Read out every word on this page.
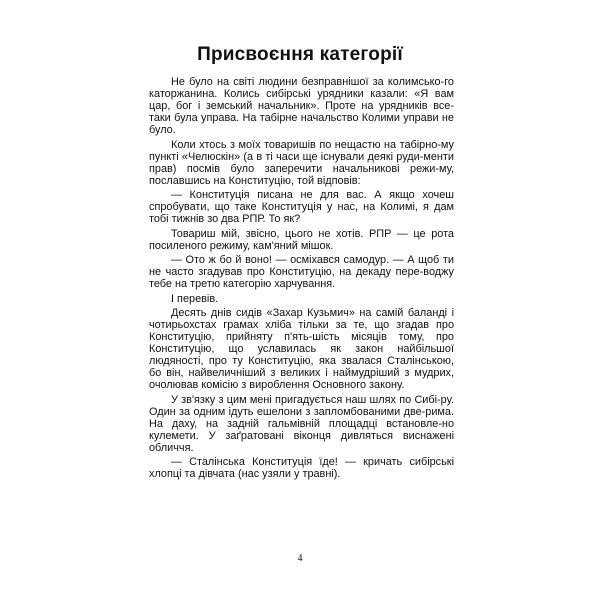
Присвоєння категорії

Не було на світі людини безправнішої за колимсько-го каторжанина. Колись сибірські урядники казали: «Я вам цар, бог і земський начальник». Проте на урядників все-таки була управа. На табірне начальство Колими управи не було.

Коли хтось з моїх товаришів по нещастю на табірно-му пункті «Челюскін» (а в ті часи ще існували деякі руди-менти прав) посмів було заперечити начальникові режи-му, пославшись на Конституцію, той відповів:

— Конституція писана не для вас. А якщо хочеш спробувати, що таке Конституція у нас, на Колимі, я дам тобі тижнів зо два РПР. То як?

Товариш мій, звісно, цього не хотів. РПР — це рота посиленого режиму, кам'яний мішок.

— Ото ж бо й воно! — осміхався самодур. — А щоб ти не часто згадував про Конституцію, на декаду пере-воджу тебе на третю категорію харчування.

І перевів.

Десять днів сидів «Захар Кузьмич» на самій баланді і чотирьохстах грамах хліба тільки за те, що згадав про Конституцію, прийняту п'ять-шість місяців тому, про Конституцію, що уславилась як закон найбільшої людяності, про ту Конституцію, яка звалася Сталінською, бо він, найвеличніший з великих і наймудріший з мудрих, очолював комісію з вироблення Основного закону.

У зв'язку з цим мені пригадується наш шлях по Сибі-ру. Один за одним ідуть ешелони з запломбованими две-рима. На даху, на задній гальмівній площадці встановле-но кулемети. У заґратовані віконця дивляться виснажені обличчя.

— Сталінська Конституція їде! — кричать сибірські хлопці та дівчата (нас узяли у травні).

4
